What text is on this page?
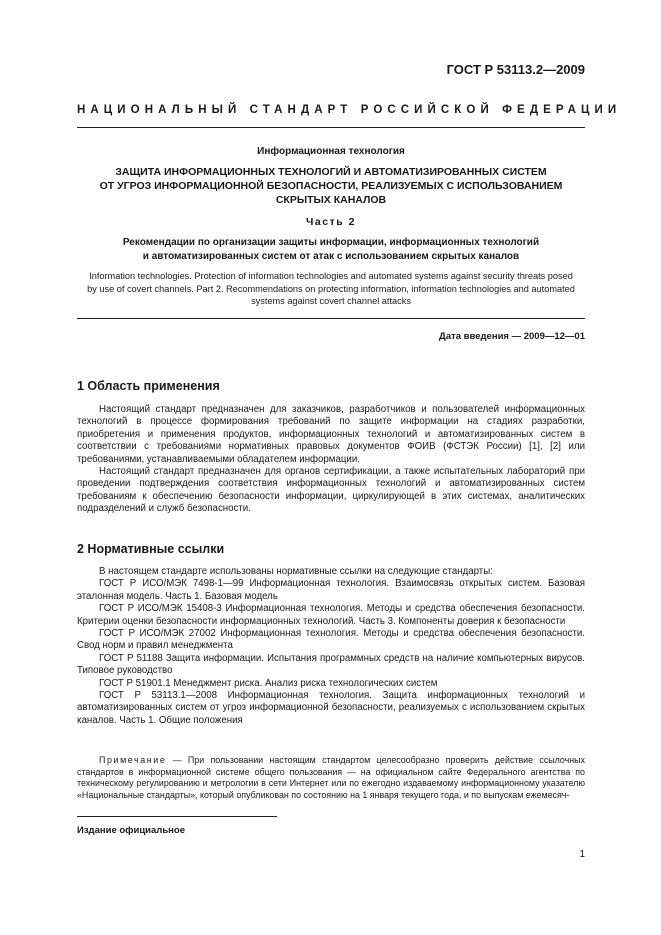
ГОСТ Р 53113.2—2009
НАЦИОНАЛЬНЫЙ СТАНДАРТ РОССИЙСКОЙ ФЕДЕРАЦИИ
Информационная технология
ЗАЩИТА ИНФОРМАЦИОННЫХ ТЕХНОЛОГИЙ И АВТОМАТИЗИРОВАННЫХ СИСТЕМ
ОТ УГРОЗ ИНФОРМАЦИОННОЙ БЕЗОПАСНОСТИ, РЕАЛИЗУЕМЫХ С ИСПОЛЬЗОВАНИЕМ
СКРЫТЫХ КАНАЛОВ
Часть 2
Рекомендации по организации защиты информации, информационных технологий
и автоматизированных систем от атак с использованием скрытых каналов
Information technologies. Protection of information technologies and automated systems against security threats posed
by use of covert channels. Part 2. Recommendations on protecting information, information technologies and automated
systems against covert channel attacks
Дата введения — 2009—12—01
1 Область применения

Настоящий стандарт предназначен для заказчиков, разработчиков и пользователей информационных технологий в процессе формирования требований по защите информации на стадиях разработки, приобретения и применения продуктов, информационных технологий и автоматизированных систем в соответствии с требованиями нормативных правовых документов ФОИВ (ФСТЭК России) [1], [2] или требованиями, устанавливаемыми обладателем информации.

Настоящий стандарт предназначен для органов сертификации, а также испытательных лабораторий при проведении подтверждения соответствия информационных технологий и автоматизированных систем требованиям к обеспечению безопасности информации, циркулирующей в этих системах, аналитических подразделений и служб безопасности.

2 Нормативные ссылки

В настоящем стандарте использованы нормативные ссылки на следующие стандарты:

ГОСТ Р ИСО/МЭК 7498-1—99 Информационная технология. Взаимосвязь открытых систем. Базовая эталонная модель. Часть 1. Базовая модель

ГОСТ Р ИСО/МЭК 15408-3 Информационная технология. Методы и средства обеспечения безопасности. Критерии оценки безопасности информационных технологий. Часть 3. Компоненты доверия к безопасности

ГОСТ Р ИСО/МЭК 27002 Информационная технология. Методы и средства обеспечения безопасности. Свод норм и правил менеджмента

ГОСТ Р 51188 Защита информации. Испытания программных средств на наличие компьютерных вирусов. Типовое руководство

ГОСТ Р 51901.1 Менеджмент риска. Анализ риска технологических систем

ГОСТ Р 53113.1—2008 Информационная технология. Защита информационных технологий и автоматизированных систем от угроз информационной безопасности, реализуемых с использованием скрытых каналов. Часть 1. Общие положения

Примечание — При пользовании настоящим стандартом целесообразно проверить действие ссылочных стандартов в информационной системе общего пользования — на официальном сайте Федерального агентства по техническому регулированию и метрологии в сети Интернет или по ежегодно издаваемому информационному указателю «Национальные стандарты», который опубликован по состоянию на 1 января текущего года, и по выпускам ежемесяч-
Издание официальное
1
